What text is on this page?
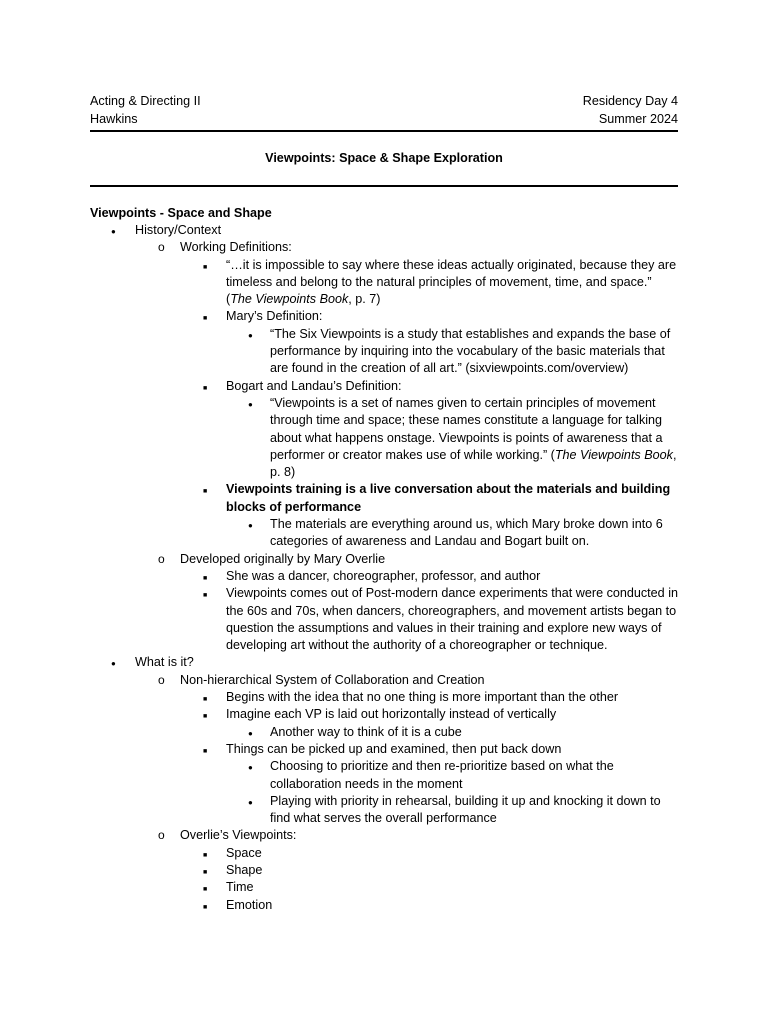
Acting & Directing II
Hawkins
Residency Day 4
Summer 2024
Viewpoints: Space & Shape Exploration
Viewpoints - Space and Shape
●
History/Context
o
Working Definitions:
■
“…it is impossible to say where these ideas actually originated, because they are timeless and belong to the natural principles of movement, time, and space.” (The Viewpoints Book, p. 7)
■
Mary’s Definition:
●
“The Six Viewpoints is a study that establishes and expands the base of performance by inquiring into the vocabulary of the basic materials that are found in the creation of all art.” (sixviewpoints.com/overview)
■
Bogart and Landau’s Definition:
●
“Viewpoints is a set of names given to certain principles of movement through time and space; these names constitute a language for talking about what happens onstage. Viewpoints is points of awareness that a performer or creator makes use of while working.” (The Viewpoints Book, p. 8)
■
Viewpoints training is a live conversation about the materials and building blocks of performance
●
The materials are everything around us, which Mary broke down into 6 categories of awareness and Landau and Bogart built on.
o
Developed originally by Mary Overlie
■
She was a dancer, choreographer, professor, and author
■
Viewpoints comes out of Post-modern dance experiments that were conducted in the 60s and 70s, when dancers, choreographers, and movement artists began to question the assumptions and values in their training and explore new ways of developing art without the authority of a choreographer or technique.
●
What is it?
o
Non-hierarchical System of Collaboration and Creation
■
Begins with the idea that no one thing is more important than the other
■
Imagine each VP is laid out horizontally instead of vertically
●
Another way to think of it is a cube
■
Things can be picked up and examined, then put back down
●
Choosing to prioritize and then re-prioritize based on what the collaboration needs in the moment
●
Playing with priority in rehearsal, building it up and knocking it down to find what serves the overall performance
o
Overlie’s Viewpoints:
■
Space
■
Shape
■
Time
■
Emotion
